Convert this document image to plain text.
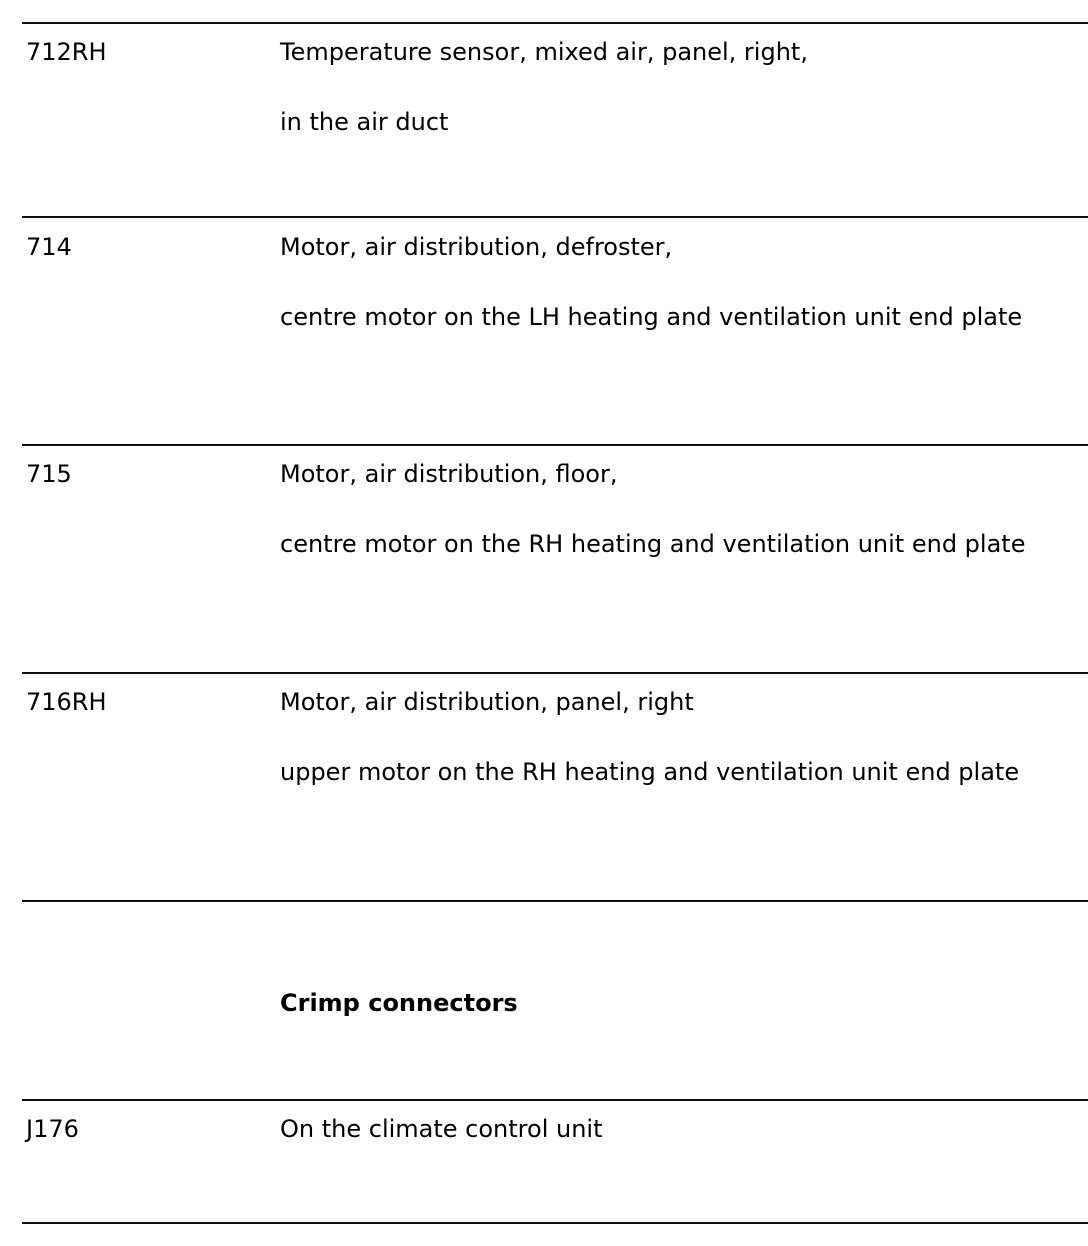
712RH	Temperature sensor, mixed air, panel, right,
in the air duct
714	Motor, air distribution, defroster,
centre motor on the LH heating and ventilation unit end plate
715	Motor, air distribution, floor,
centre motor on the RH heating and ventilation unit end plate
716RH	Motor, air distribution, panel, right
upper motor on the RH heating and ventilation unit end plate
Crimp connectors
J176	On the climate control unit
